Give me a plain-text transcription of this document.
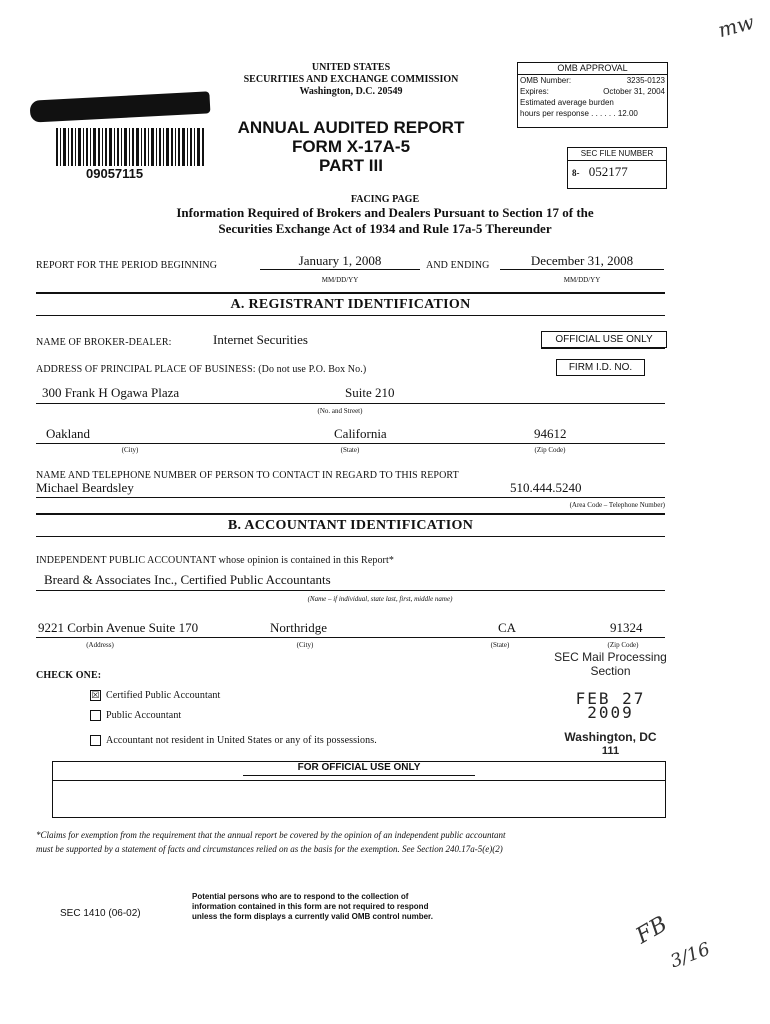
mw
UNITED STATES
SECURITIES AND EXCHANGE COMMISSION
Washington, D.C. 20549
09057115
ANNUAL AUDITED REPORT
FORM X-17A-5
PART III
OMB APPROVAL
OMB Number:	3235-0123
Expires:	October 31, 2004
Estimated average burden
hours per response . . . . . . 12.00
SEC FILE NUMBER
8- 052177
FACING PAGE
Information Required of Brokers and Dealers Pursuant to Section 17 of the
Securities Exchange Act of 1934 and Rule 17a-5 Thereunder
REPORT FOR THE PERIOD BEGINNING	January 1, 2008
MM/DD/YY
AND ENDING	December 31, 2008
MM/DD/YY
A. REGISTRANT IDENTIFICATION
NAME OF BROKER-DEALER:	Internet Securities	OFFICIAL USE ONLY
FIRM I.D. NO.
ADDRESS OF PRINCIPAL PLACE OF BUSINESS: (Do not use P.O. Box No.)
300 Frank H Ogawa Plaza	Suite 210
(No. and Street)
Oakland	California	94612
(City)	(State)	(Zip Code)
NAME AND TELEPHONE NUMBER OF PERSON TO CONTACT IN REGARD TO THIS REPORT
Michael Beardsley	510.444.5240
(Area Code – Telephone Number)
B. ACCOUNTANT IDENTIFICATION
INDEPENDENT PUBLIC ACCOUNTANT whose opinion is contained in this Report*
Breard & Associates Inc., Certified Public Accountants
(Name – if individual, state last, first, middle name)
9221 Corbin Avenue Suite 170	Northridge	CA	91324
(Address)	(City)	(State)	(Zip Code)
CHECK ONE:
☒ Certified Public Accountant
Public Accountant
Accountant not resident in United States or any of its possessions.
SEC Mail Processing
Section
FEB 27 2009
Washington, DC
111
FOR OFFICIAL USE ONLY
*Claims for exemption from the requirement that the annual report be covered by the opinion of an independent public accountant
must be supported by a statement of facts and circumstances relied on as the basis for the exemption. See Section 240.17a-5(e)(2)
SEC 1410 (06-02)
Potential persons who are to respond to the collection of
information contained in this form are not required to respond
unless the form displays a currently valid OMB control number.	FB
3/16
